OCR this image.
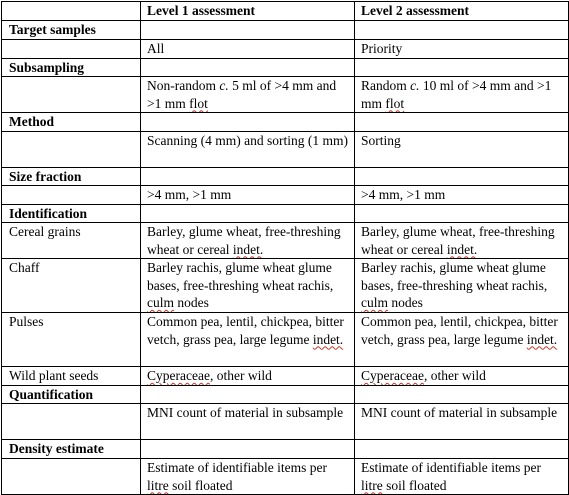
	Level 1 assessment	Level 2 assessment
Target samples		
	All	Priority
Subsampling		
	Non-random c. 5 ml of >4 mm and >1 mm flot	Random c. 10 ml of >4 mm and >1 mm flot
Method		
	Scanning (4 mm) and sorting (1 mm)	Sorting
Size fraction		
	>4 mm, >1 mm	>4 mm, >1 mm
Identification		
Cereal grains	Barley, glume wheat, free-threshing wheat or cereal indet.	Barley, glume wheat, free-threshing wheat or cereal indet.
Chaff	Barley rachis, glume wheat glume bases, free-threshing wheat rachis, culm nodes	Barley rachis, glume wheat glume bases, free-threshing wheat rachis, culm nodes
Pulses	Common pea, lentil, chickpea, bitter vetch, grass pea, large legume indet.	Common pea, lentil, chickpea, bitter vetch, grass pea, large legume indet.
Wild plant seeds	Cyperaceae, other wild	Cyperaceae, other wild
Quantification		
	MNI count of material in subsample	MNI count of material in subsample
Density estimate		
	Estimate of identifiable items per litre soil floated	Estimate of identifiable items per litre soil floated
